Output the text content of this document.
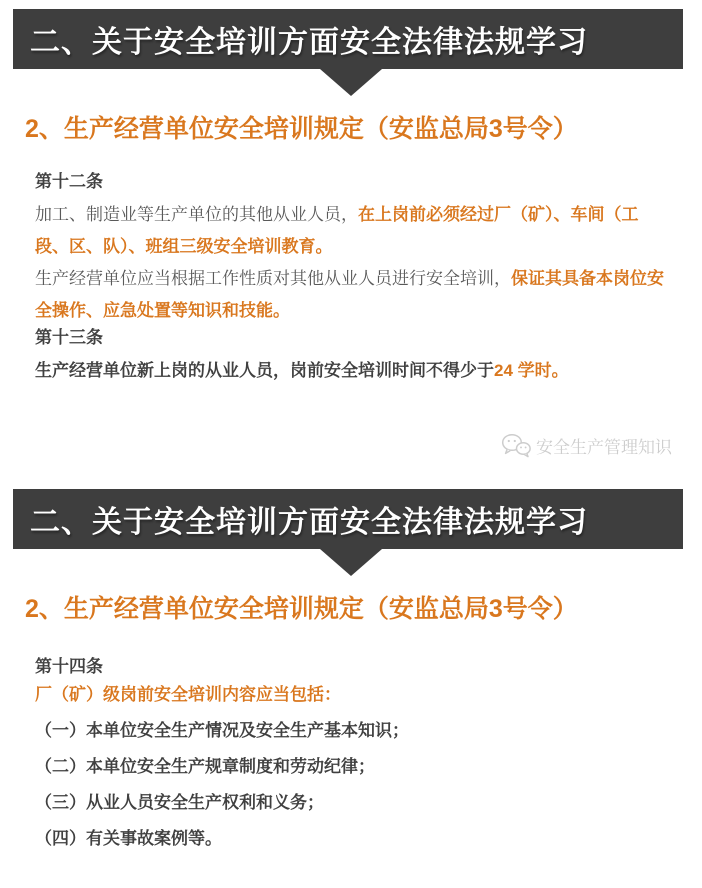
二、关于安全培训方面安全法律法规学习
2、生产经营单位安全培训规定（安监总局3号令）

第十二条

加工、制造业等生产单位的其他从业人员，在上岗前必须经过厂（矿）、车间（工段、区、队）、班组三级安全培训教育。

生产经营单位应当根据工作性质对其他从业人员进行安全培训，保证其具备本岗位安全操作、应急处置等知识和技能。

第十三条

生产经营单位新上岗的从业人员，岗前安全培训时间不得少于24 学时。

安全生产管理知识
二、关于安全培训方面安全法律法规学习
2、生产经营单位安全培训规定（安监总局3号令）

第十四条

厂（矿）级岗前安全培训内容应当包括：

（一）本单位安全生产情况及安全生产基本知识；

（二）本单位安全生产规章制度和劳动纪律；

（三）从业人员安全生产权利和义务；

（四）有关事故案例等。
